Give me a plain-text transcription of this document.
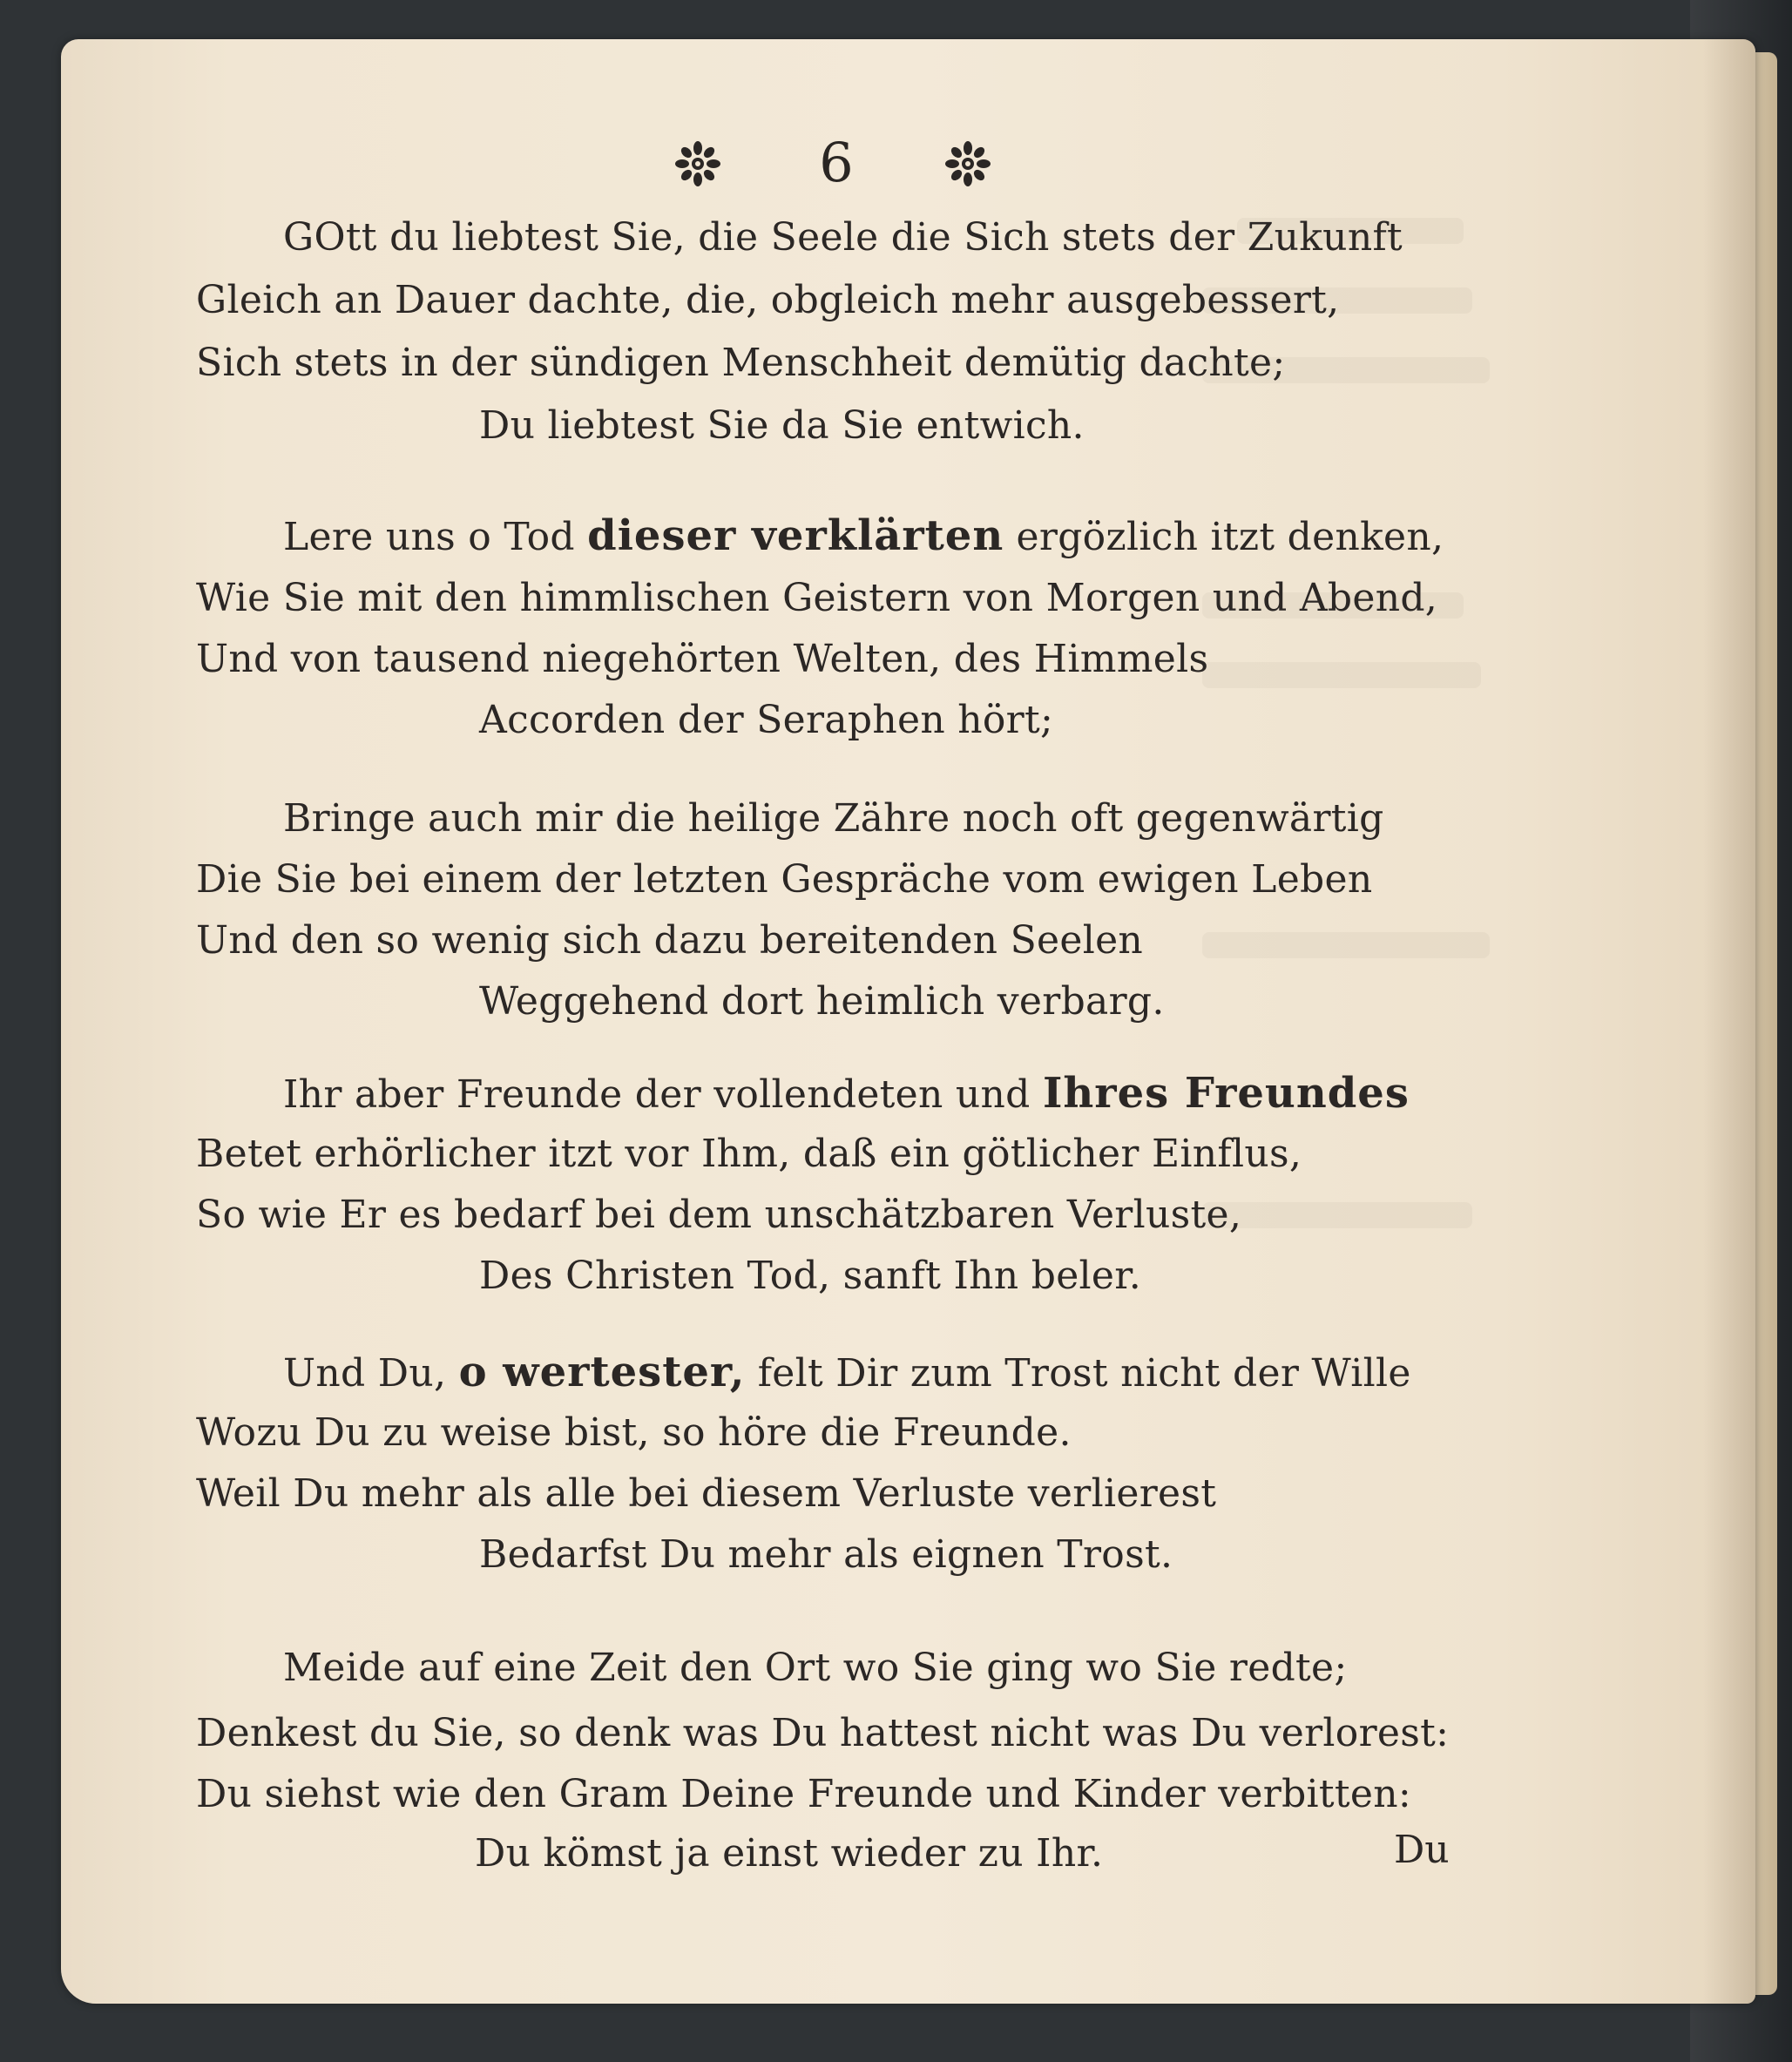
6
GOtt du liebtest Sie, die Seele die Sich stets der Zukunft
Gleich an Dauer dachte, die, obgleich mehr ausgebessert,
Sich stets in der sündigen Menschheit demütig dachte;
Du liebtest Sie da Sie entwich.
Lere uns o Tod dieser verklärten ergözlich itzt denken,
Wie Sie mit den himmlischen Geistern von Morgen und Abend,
Und von tausend niegehörten Welten, des Himmels
Accorden der Seraphen hört;
Bringe auch mir die heilige Zähre noch oft gegenwärtig
Die Sie bei einem der letzten Gespräche vom ewigen Leben
Und den so wenig sich dazu bereitenden Seelen
Weggehend dort heimlich verbarg.
Ihr aber Freunde der vollendeten und Ihres Freundes
Betet erhörlicher itzt vor Ihm, daß ein götlicher Einflus,
So wie Er es bedarf bei dem unschätzbaren Verluste,
Des Christen Tod, sanft Ihn beler.
Und Du, o wertester, felt Dir zum Trost nicht der Wille
Wozu Du zu weise bist, so höre die Freunde.
Weil Du mehr als alle bei diesem Verluste verlierest
Bedarfst Du mehr als eignen Trost.
Meide auf eine Zeit den Ort wo Sie ging wo Sie redte;
Denkest du Sie, so denk was Du hattest nicht was Du verlorest:
Du siehst wie den Gram Deine Freunde und Kinder verbitten:
Du kömst ja einst wieder zu Ihr.	Du
